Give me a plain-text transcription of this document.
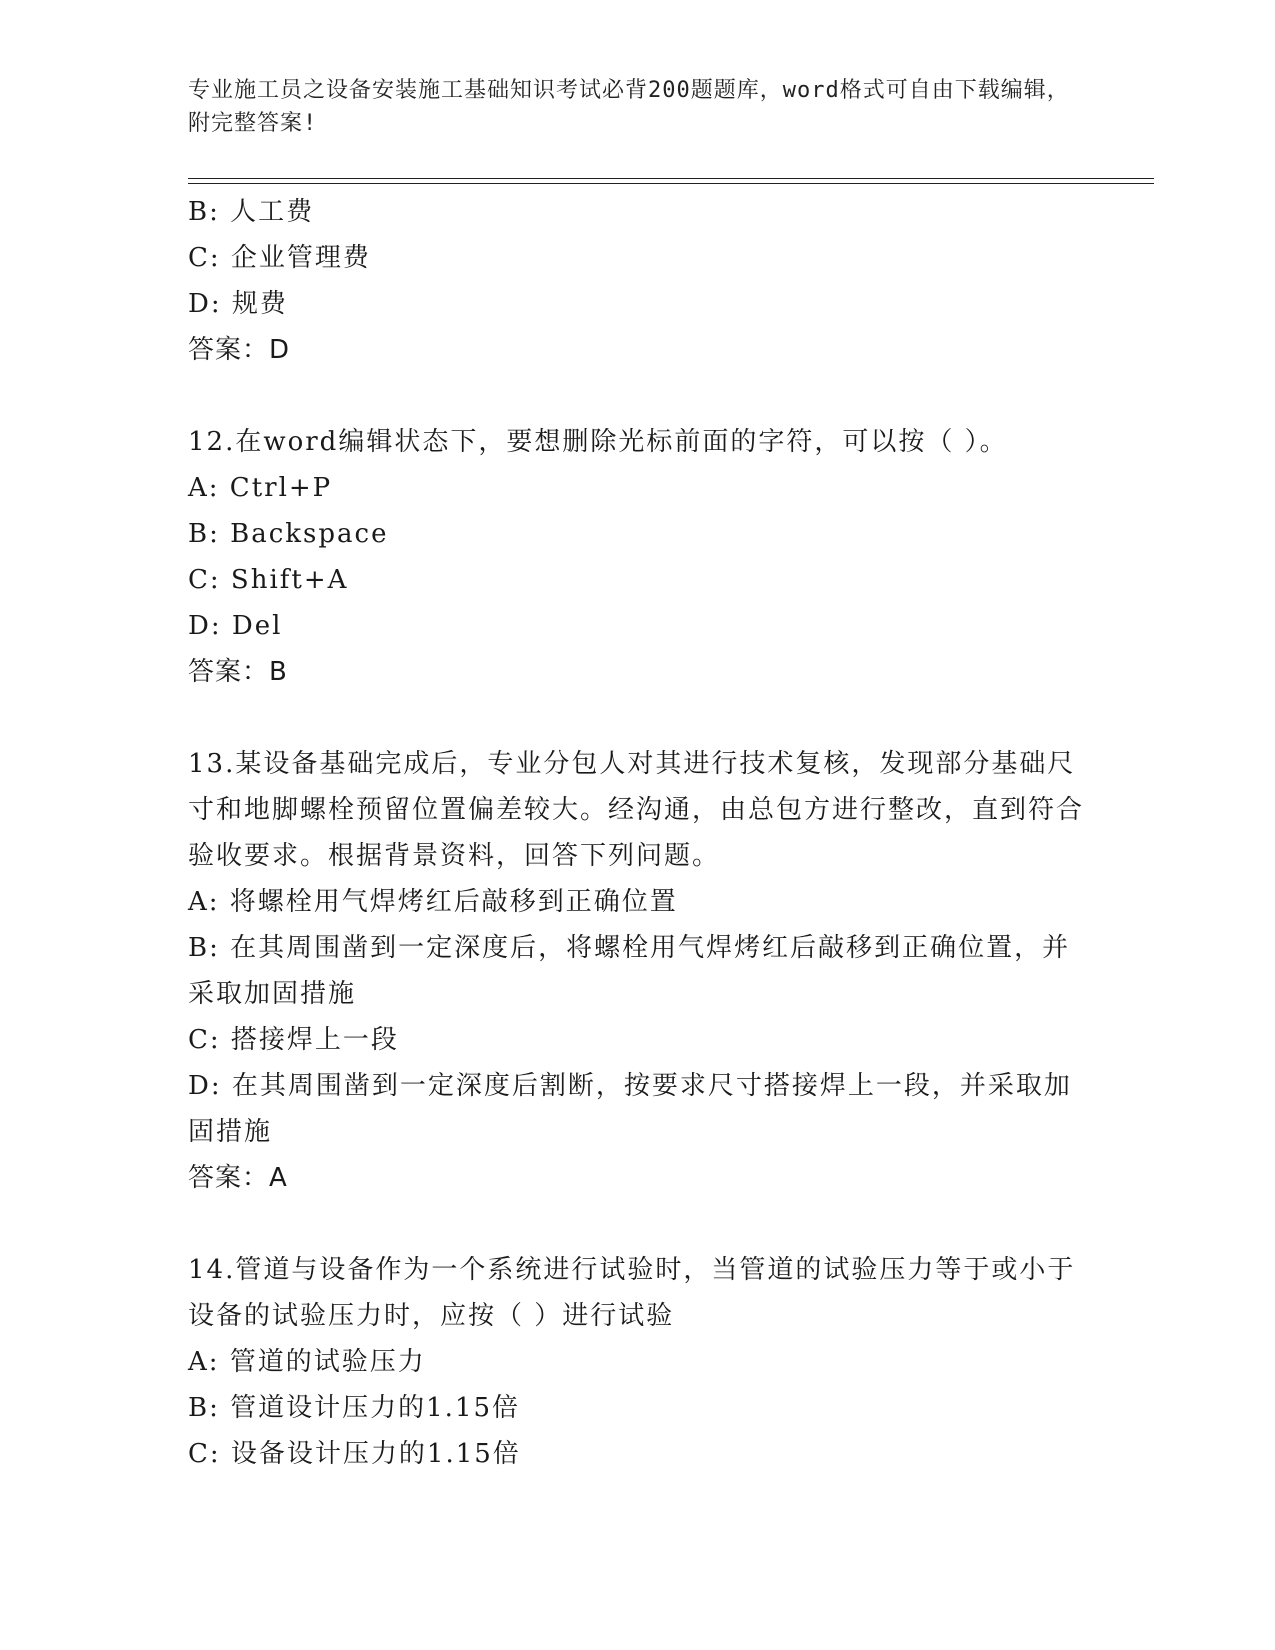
专业施工员之设备安装施工基础知识考试必背200题题库，word格式可自由下载编辑，附完整答案!
B: 人工费
C: 企业管理费
D: 规费
答案：D
12.在word编辑状态下，要想删除光标前面的字符，可以按（ ）。
A: Ctrl+P
B: Backspace
C: Shift+A
D: Del
答案：B
13.某设备基础完成后，专业分包人对其进行技术复核，发现部分基础尺寸和地脚螺栓预留位置偏差较大。经沟通，由总包方进行整改，直到符合验收要求。根据背景资料，回答下列问题。
A: 将螺栓用气焊烤红后敲移到正确位置
B: 在其周围凿到一定深度后，将螺栓用气焊烤红后敲移到正确位置，并采取加固措施
C: 搭接焊上一段
D: 在其周围凿到一定深度后割断，按要求尺寸搭接焊上一段，并采取加固措施
答案：A
14.管道与设备作为一个系统进行试验时，当管道的试验压力等于或小于设备的试验压力时，应按（ ）进行试验
A: 管道的试验压力
B: 管道设计压力的1.15倍
C: 设备设计压力的1.15倍
